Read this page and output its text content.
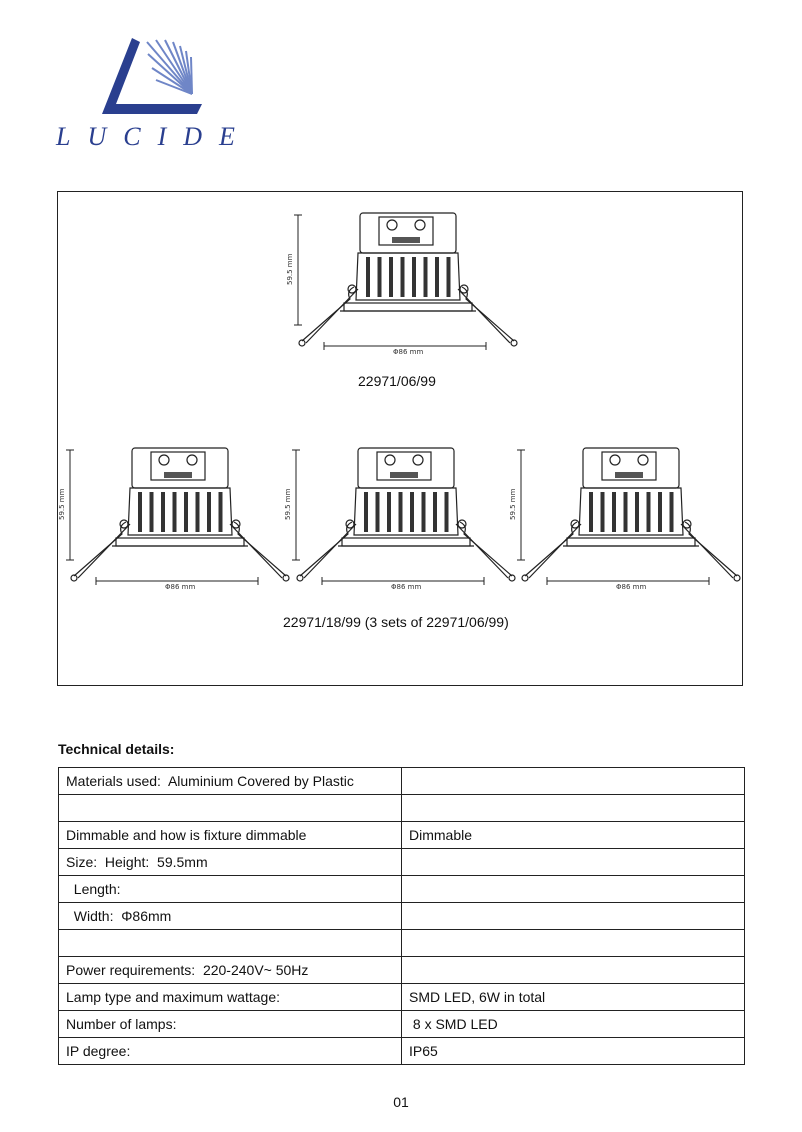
LUCIDE
59.5 mm
Φ86 mm
59.5 mm
Φ86 mm
59.5 mm
Φ86 mm
59.5 mm
Φ86 mm
22971/06/99
22971/18/99 (3 sets of 22971/06/99)
Technical details:
Materials used:  Aluminium Covered by Plastic	

Dimmable and how is fixture dimmable	Dimmable
Size:  Height:  59.5mm	
Length:	
Width:  Φ86mm	

Power requirements:  220-240V~ 50Hz	
Lamp type and maximum wattage:	SMD LED, 6W in total
Number of lamps:	8 x SMD LED
IP degree:	IP65
01
